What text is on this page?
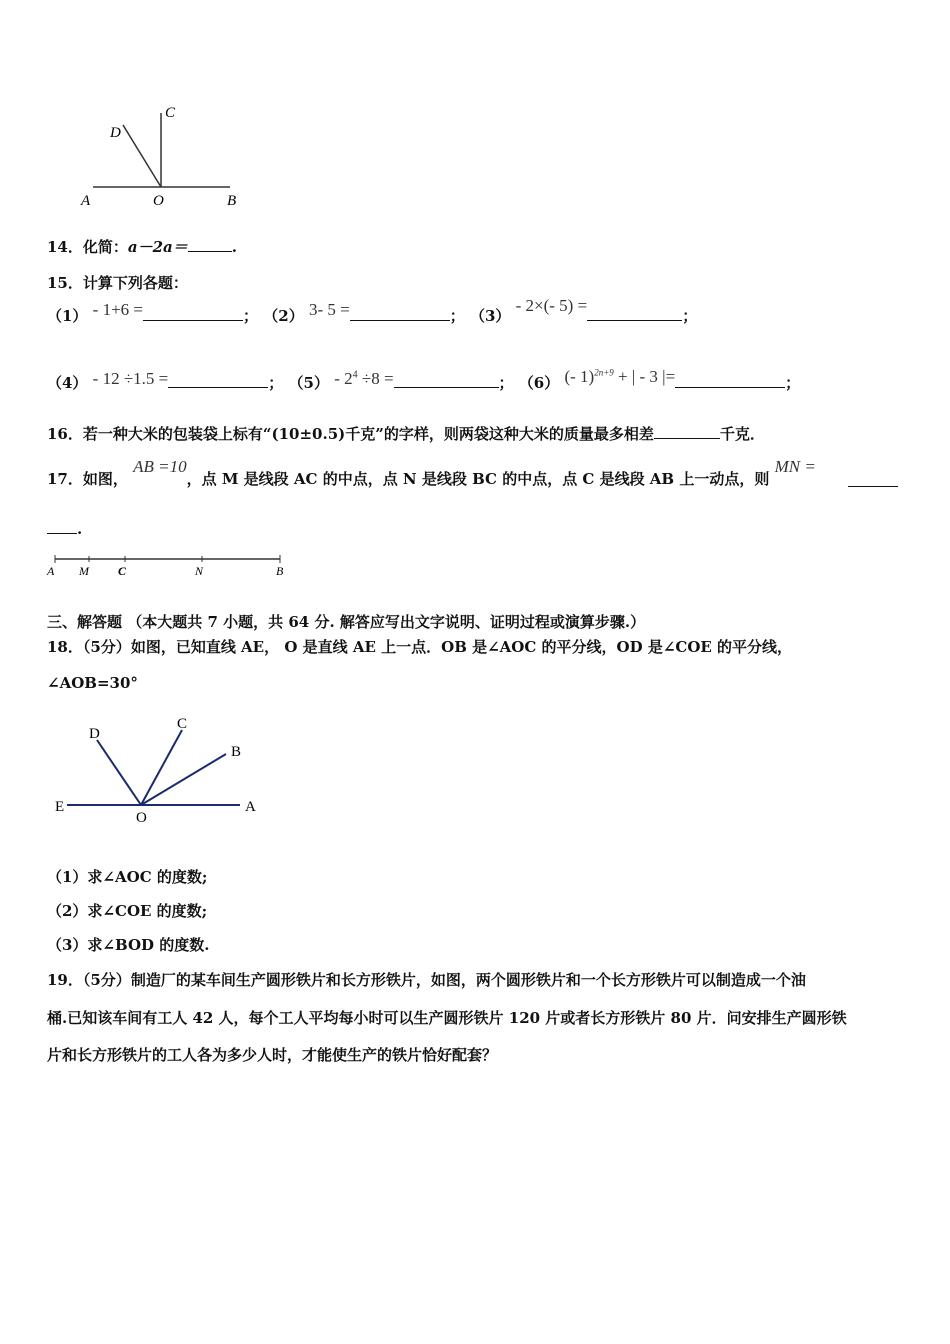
A	O	B
C
D
14．化简：a－2a＝	.
15．计算下列各题：
（1） - 1+6 =	； （2） 3- 5 =	； （3） - 2×(- 5) =；
（4） - 12 ÷1.5 =	； $(5) - 2^4 \div 8$ =	； （6） (- 1)$^{2n+9}$ + | - 3 |=	；
16．若一种大米的包装袋上标有“(10±0.5)千克”的字样，则两袋这种大米的质量最多相差	千克．
17．如图， AB =10，点 M 是线段 AC 的中点，点 N 是线段 BC 的中点，点 C 是线段 AB 上一动点，则 MN =
.
A M C	N	B
三、解答题 （本大题共 7 小题，共 64 分. 解答应写出文字说明、证明过程或演算步骤.）
18．（5分）如图，已知直线 AE， O 是直线 AE 上一点．OB 是∠AOC 的平分线，OD 是∠COE 的平分线，
∠AOB=30°
D
C
B
E
O
A
（1）求∠AOC 的度数;
（2）求∠COE 的度数;
（3）求∠BOD 的度数.
19．（5分）制造厂的某车间生产圆形铁片和长方形铁片，如图，两个圆形铁片和一个长方形铁片可以制造成一个油
桶.已知该车间有工人 42 人，每个工人平均每小时可以生产圆形铁片 120 片或者长方形铁片 80 片．问安排生产圆形铁
片和长方形铁片的工人各为多少人时，才能使生产的铁片恰好配套？
